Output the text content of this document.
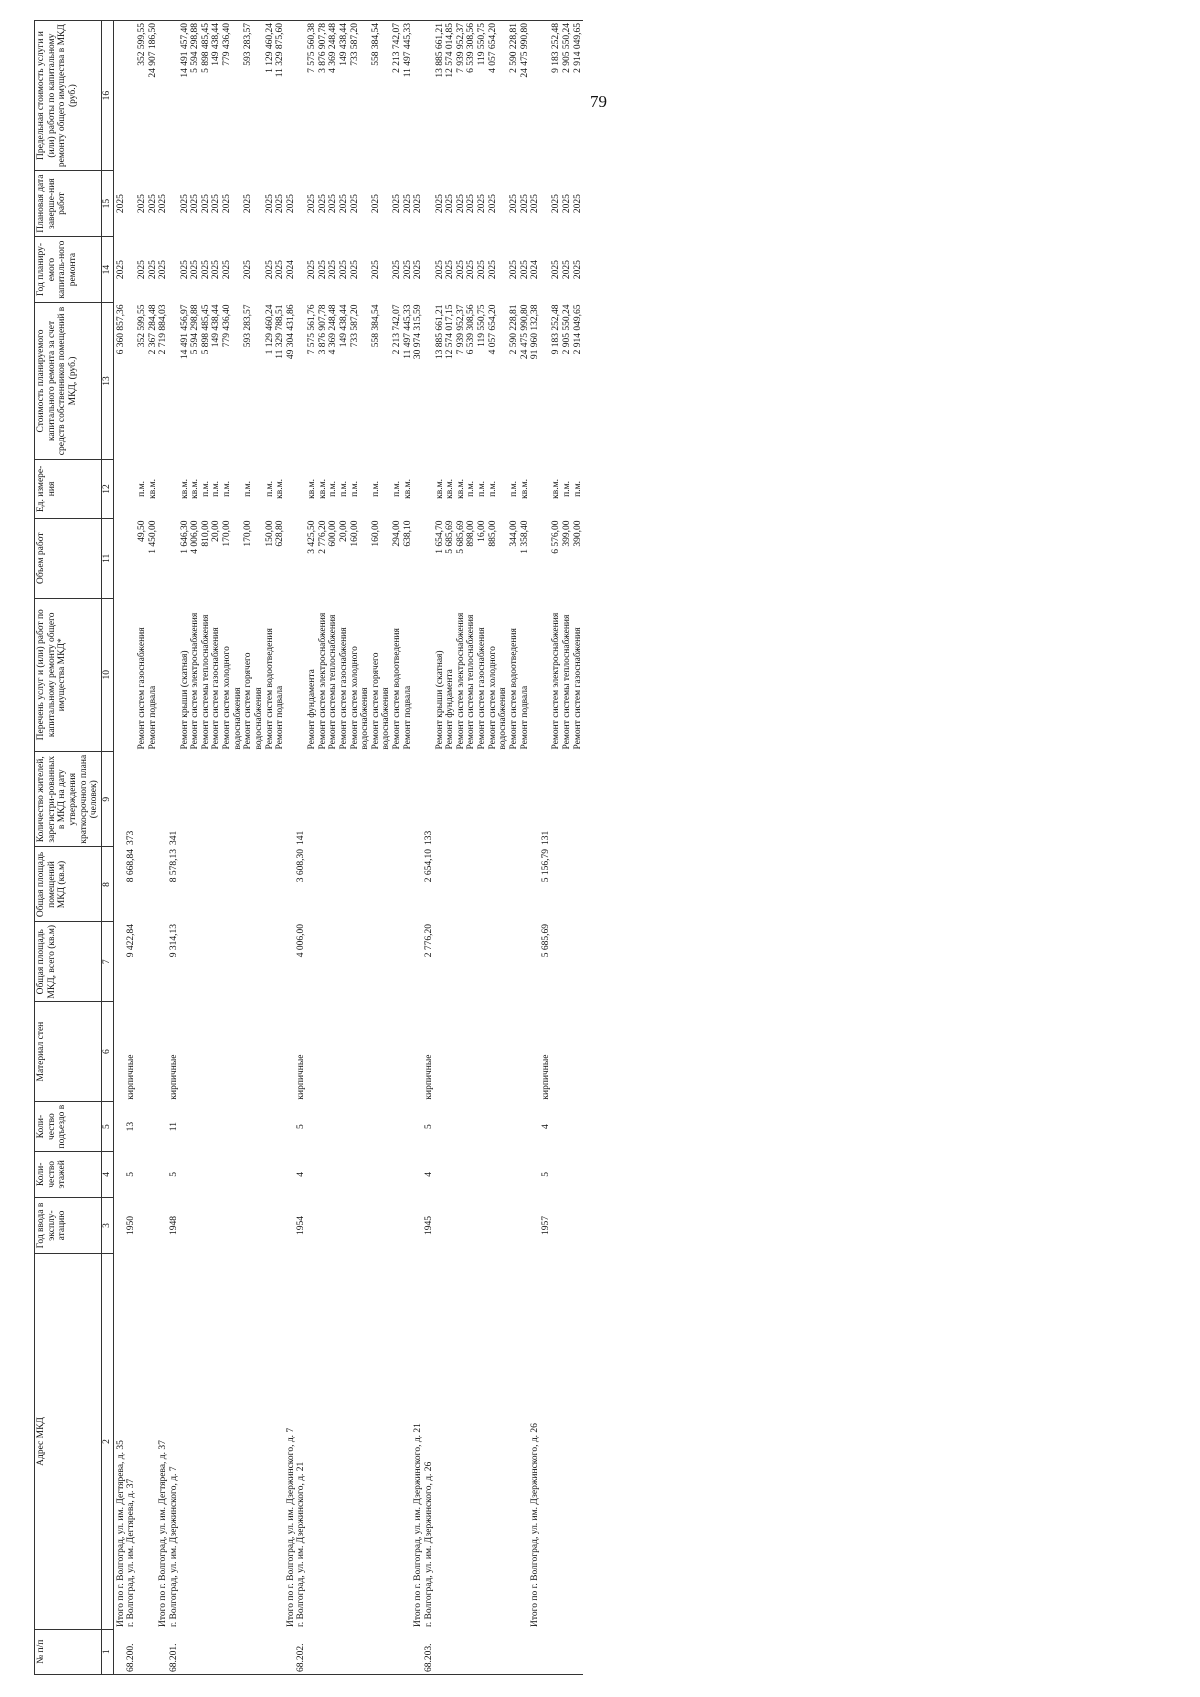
79
№ п/п	Адрес МКД	Год ввода в эксплу-атацию	Коли-чество этажей	Коли-чество подъездо в	Материал стен	Общая площадь МКД, всего (кв.м)	Общая площадь помещений МКД (кв.м)	Количество жителей, зарегистри-рованных в МКД на дату утверждения краткосрочного плана (человек)	Перечень услуг и (или) работ по капитальному ремонту общего имущества МКД*	Объем работ	Ед. измере-ния	Стоимость планируемого капитального ремонта за счет средств собственников помещений в МКД, (руб.)	Год планиру-емого капиталь-ного ремонта	Плановая дата заверше-ния работ	Предельная стоимость услуги и (или) работы по капитальному ремонту общего имущества в МКД (руб.)
1	2	3	4	5	6	7	8	9	10	11	12	13	14	15	16
	Итого по г. Волгоград, ул. им. Дегтярева, д. 35											6 360 857,36	2025	2025	
68.200.	г. Волгоград, ул. им. Дегтярева, д. 37	1950	5	13	кирпичные	9 422,84	8 668,84	373							
									Ремонт систем газоснабжения	49,50	п.м.	352 599,55	2025	2025	352 599,55
									Ремонт подвала	1 450,00	кв.м.	2 367 284,48	2025	2025	24 907 186,50
	Итого по г. Волгоград, ул. им. Дегтярева, д. 37											2 719 884,03	2025	2025	
68.201.	г. Волгоград, ул. им. Дзержинского, д. 7	1948	5	11	кирпичные	9 314,13	8 578,13	341							
									Ремонт крыши (скатная)	1 646,30	кв.м.	14 491 456,97	2025	2025	14 491 457,40
									Ремонт систем электроснабжения	4 006,00	кв.м.	5 594 298,88	2025	2025	5 594 298,88
									Ремонт системы теплоснабжения	810,00	п.м.	5 898 485,45	2025	2025	5 898 485,45
									Ремонт систем газоснабжения	20,00	п.м.	149 438,44	2025	2025	149 438,44
									Ремонт систем холодного водоснабжения	170,00	п.м.	779 436,40	2025	2025	779 436,40
									Ремонт систем горячего водоснабжения	170,00	п.м.	593 283,57	2025	2025	593 283,57
									Ремонт систем водоотведения	150,00	п.м.	1 129 460,24	2025	2025	1 129 460,24
									Ремонт подвала	628,80	кв.м.	11 329 788,51	2025	2025	11 329 875,60
	Итого по г. Волгоград, ул. им. Дзержинского, д. 7											49 304 431,86	2024	2025	
68.202.	г. Волгоград, ул. им. Дзержинского, д. 21	1954	4	5	кирпичные	4 006,00	3 608,30	141							
									Ремонт фундамента	3 425,50	кв.м.	7 575 561,76	2025	2025	7 575 560,38
									Ремонт систем электроснабжения	2 776,20	кв.м.	3 876 907,78	2025	2025	3 876 907,78
									Ремонт системы теплоснабжения	600,00	п.м.	4 369 248,48	2025	2025	4 369 248,48
									Ремонт систем газоснабжения	20,00	п.м.	149 438,44	2025	2025	149 438,44
									Ремонт систем холодного водоснабжения	160,00	п.м.	733 587,20	2025	2025	733 587,20
									Ремонт систем горячего водоснабжения	160,00	п.м.	558 384,54	2025	2025	558 384,54
									Ремонт систем водоотведения	294,00	п.м.	2 213 742,07	2025	2025	2 213 742,07
									Ремонт подвала	638,10	кв.м.	11 497 445,33	2025	2025	11 497 445,33
	Итого по г. Волгоград, ул. им. Дзержинского, д. 21											30 974 315,59	2025	2025	
68.203.	г. Волгоград, ул. им. Дзержинского, д. 26	1945	4	5	кирпичные	2 776,20	2 654,10	133							
									Ремонт крыши (скатная)	1 654,70	кв.м.	13 885 661,21	2025	2025	13 885 661,21
									Ремонт фундамента	5 685,69	кв.м.	12 574 017,15	2025	2025	12 574 014,85
									Ремонт систем электроснабжения	5 685,69	кв.м.	7 939 952,37	2025	2025	7 939 952,37
									Ремонт системы теплоснабжения	898,00	п.м.	6 539 308,56	2025	2025	6 539 308,56
									Ремонт систем газоснабжения	16,00	п.м.	119 550,75	2025	2025	119 550,75
									Ремонт систем холодного водоснабжения	885,00	п.м.	4 057 654,20	2025	2025	4 057 654,20
									Ремонт систем водоотведения	344,00	п.м.	2 590 228,81	2025	2025	2 590 228,81
									Ремонт подвала	1 358,40	кв.м.	24 475 990,80	2025	2025	24 475 990,80
	Итого по г. Волгоград, ул. им. Дзержинского, д. 26											91 960 132,38	2024	2025	
		1957	5	4	кирпичные	5 685,69	5 156,79	131							
									Ремонт систем электроснабжения	6 576,00	кв.м.	9 183 252,48	2025	2025	9 183 252,48
									Ремонт системы теплоснабжения	399,00	п.м.	2 905 550,24	2025	2025	2 905 550,24
									Ремонт систем газоснабжения	390,00	п.м.	2 914 049,65	2025	2025	2 914 049,65
